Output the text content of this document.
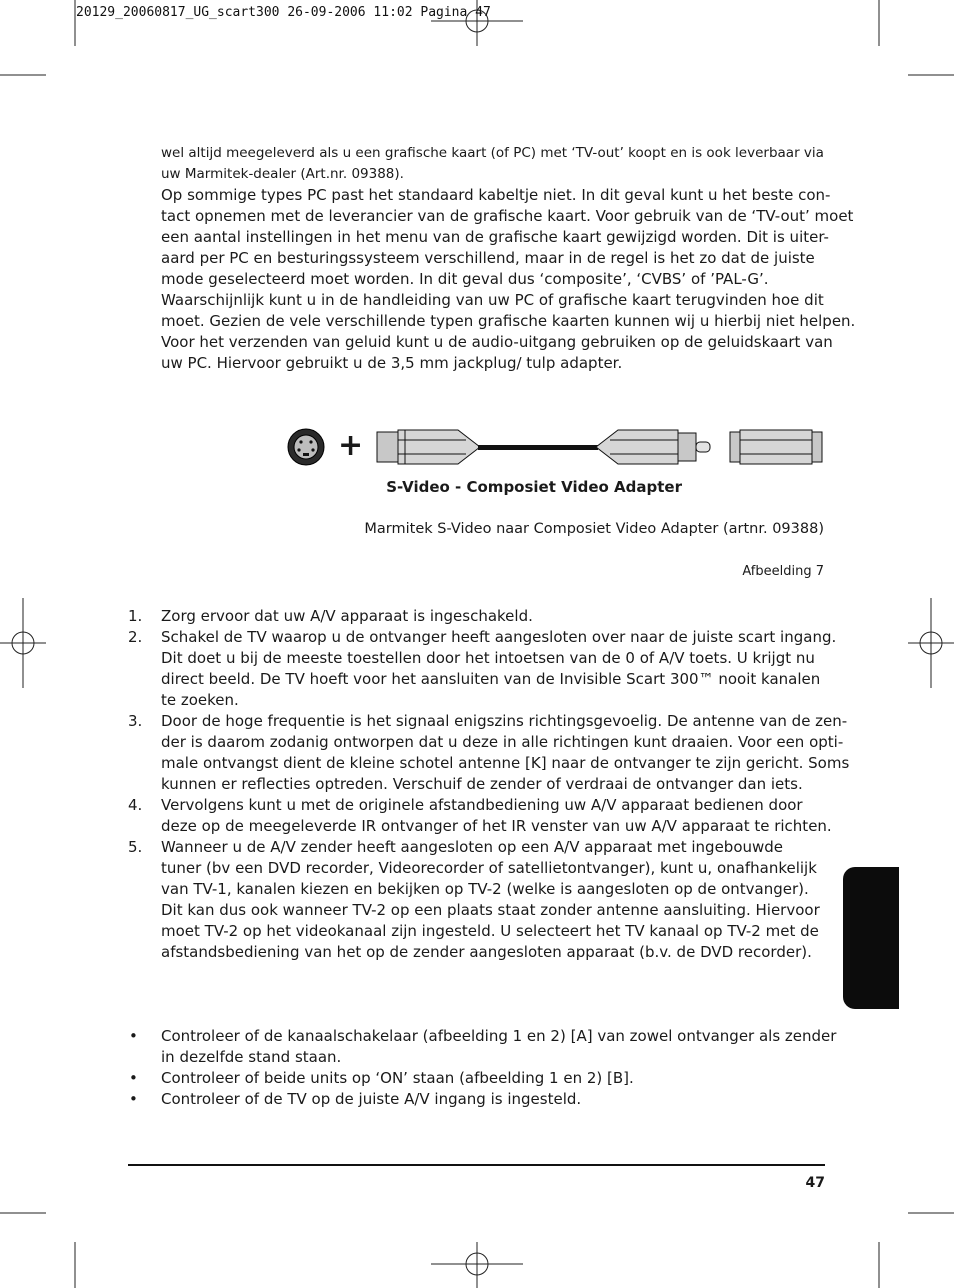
20129_20060817_UG_scart300 26-09-2006 11:02 Pagina 47
wel altijd meegeleverd als u een grafische kaart (of PC) met ‘TV-out’ koopt en is ook leverbaar via
uw Marmitek-dealer (Art.nr. 09388).
Op sommige types PC past het standaard kabeltje niet. In dit geval kunt u het beste con-
tact opnemen met de leverancier van de grafische kaart. Voor gebruik van de ‘TV-out’ moet
een aantal instellingen in het menu van de grafische kaart gewijzigd worden. Dit is uiter-
aard per PC en besturingssysteem verschillend, maar in de regel is het zo dat de juiste
mode geselecteerd moet worden. In dit geval dus ‘composite’, ‘CVBS’ of ’PAL-G’.
Waarschijnlijk kunt u in de handleiding van uw PC of grafische kaart terugvinden hoe dit
moet. Gezien de vele verschillende typen grafische kaarten kunnen wij u hierbij niet helpen.
Voor het verzenden van geluid kunt u de audio-uitgang gebruiken op de geluidskaart van
uw PC. Hiervoor gebruikt u de 3,5 mm jackplug/ tulp adapter.
+
S-Video - Composiet Video Adapter
Marmitek S-Video naar Composiet Video Adapter (artnr. 09388)
Afbeelding 7
1. Zorg ervoor dat uw A/V apparaat is ingeschakeld.
2. Schakel de TV waarop u de ontvanger heeft aangesloten over naar de juiste scart ingang.
Dit doet u bij de meeste toestellen door het intoetsen van de 0 of A/V toets. U krijgt nu
direct beeld. De TV hoeft voor het aansluiten van de Invisible Scart 300™ nooit kanalen
te zoeken.
3. Door de hoge frequentie is het signaal enigszins richtingsgevoelig. De antenne van de zen-
der is daarom zodanig ontworpen dat u deze in alle richtingen kunt draaien. Voor een opti-
male ontvangst dient de kleine schotel antenne [K] naar de ontvanger te zijn gericht. Soms
kunnen er reflecties optreden. Verschuif de zender of verdraai de ontvanger dan iets.
4. Vervolgens kunt u met de originele afstandbediening uw A/V apparaat bedienen door
deze op de meegeleverde IR ontvanger of het IR venster van uw A/V apparaat te richten.
5. Wanneer u de A/V zender heeft aangesloten op een A/V apparaat met ingebouwde
tuner (bv een DVD recorder, Videorecorder of satellietontvanger), kunt u, onafhankelijk
van TV-1, kanalen kiezen en bekijken op TV-2 (welke is aangesloten op de ontvanger).
Dit kan dus ook wanneer TV-2 op een plaats staat zonder antenne aansluiting. Hiervoor
moet TV-2 op het videokanaal zijn ingesteld. U selecteert het TV kanaal op TV-2 met de
afstandsbediening van het op de zender aangesloten apparaat (b.v. de DVD recorder).
• Controleer of de kanaalschakelaar (afbeelding 1 en 2) [A] van zowel ontvanger als zender
in dezelfde stand staan.
• Controleer of beide units op ‘ON’ staan (afbeelding 1 en 2) [B].
• Controleer of de TV op de juiste A/V ingang is ingesteld.
47
